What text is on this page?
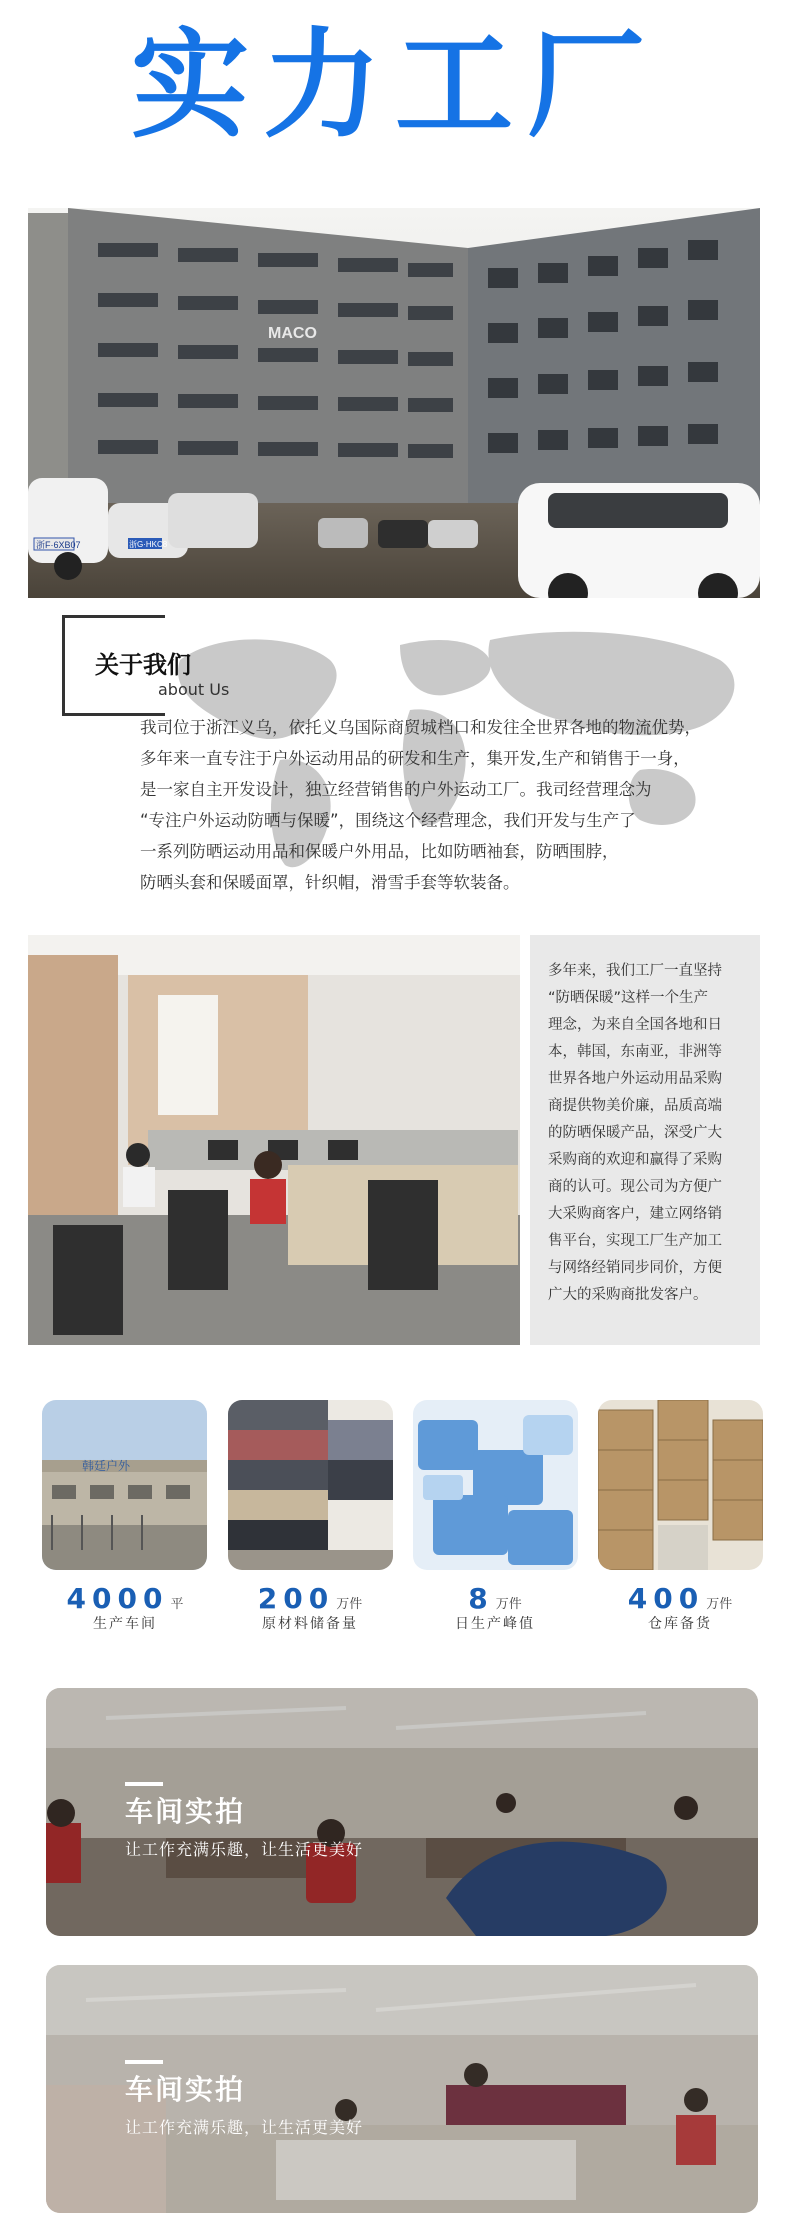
实力工厂
MACO
浙F·6XB07	浙G·HKC8
关于我们
about Us
我司位于浙江义乌，依托义乌国际商贸城档口和发往全世界各地的物流优势，
多年来一直专注于户外运动用品的研发和生产，集开发,生产和销售于一身，
是一家自主开发设计，独立经营销售的户外运动工厂。我司经营理念为
“专注户外运动防晒与保暖”，围绕这个经营理念，我们开发与生产了
一系列防晒运动用品和保暖户外用品，比如防晒袖套，防晒围脖，
防晒头套和保暖面罩，针织帽，滑雪手套等软装备。
多年来，我们工厂一直坚持
“防晒保暖”这样一个生产
理念，为来自全国各地和日
本，韩国，东南亚，非洲等
世界各地户外运动用品采购
商提供物美价廉，品质高端
的防晒保暖产品，深受广大
采购商的欢迎和赢得了采购
商的认可。现公司为方便广
大采购商客户，建立网络销
售平台，实现工厂生产加工
与网络经销同步同价，方便
广大的采购商批发客户。
韩廷户外
4000 平
生产车间
200 万件
原材料储备量
8 万件
日生产峰值
400 万件
仓库备货
车间实拍
让工作充满乐趣，让生活更美好
车间实拍
让工作充满乐趣，让生活更美好
